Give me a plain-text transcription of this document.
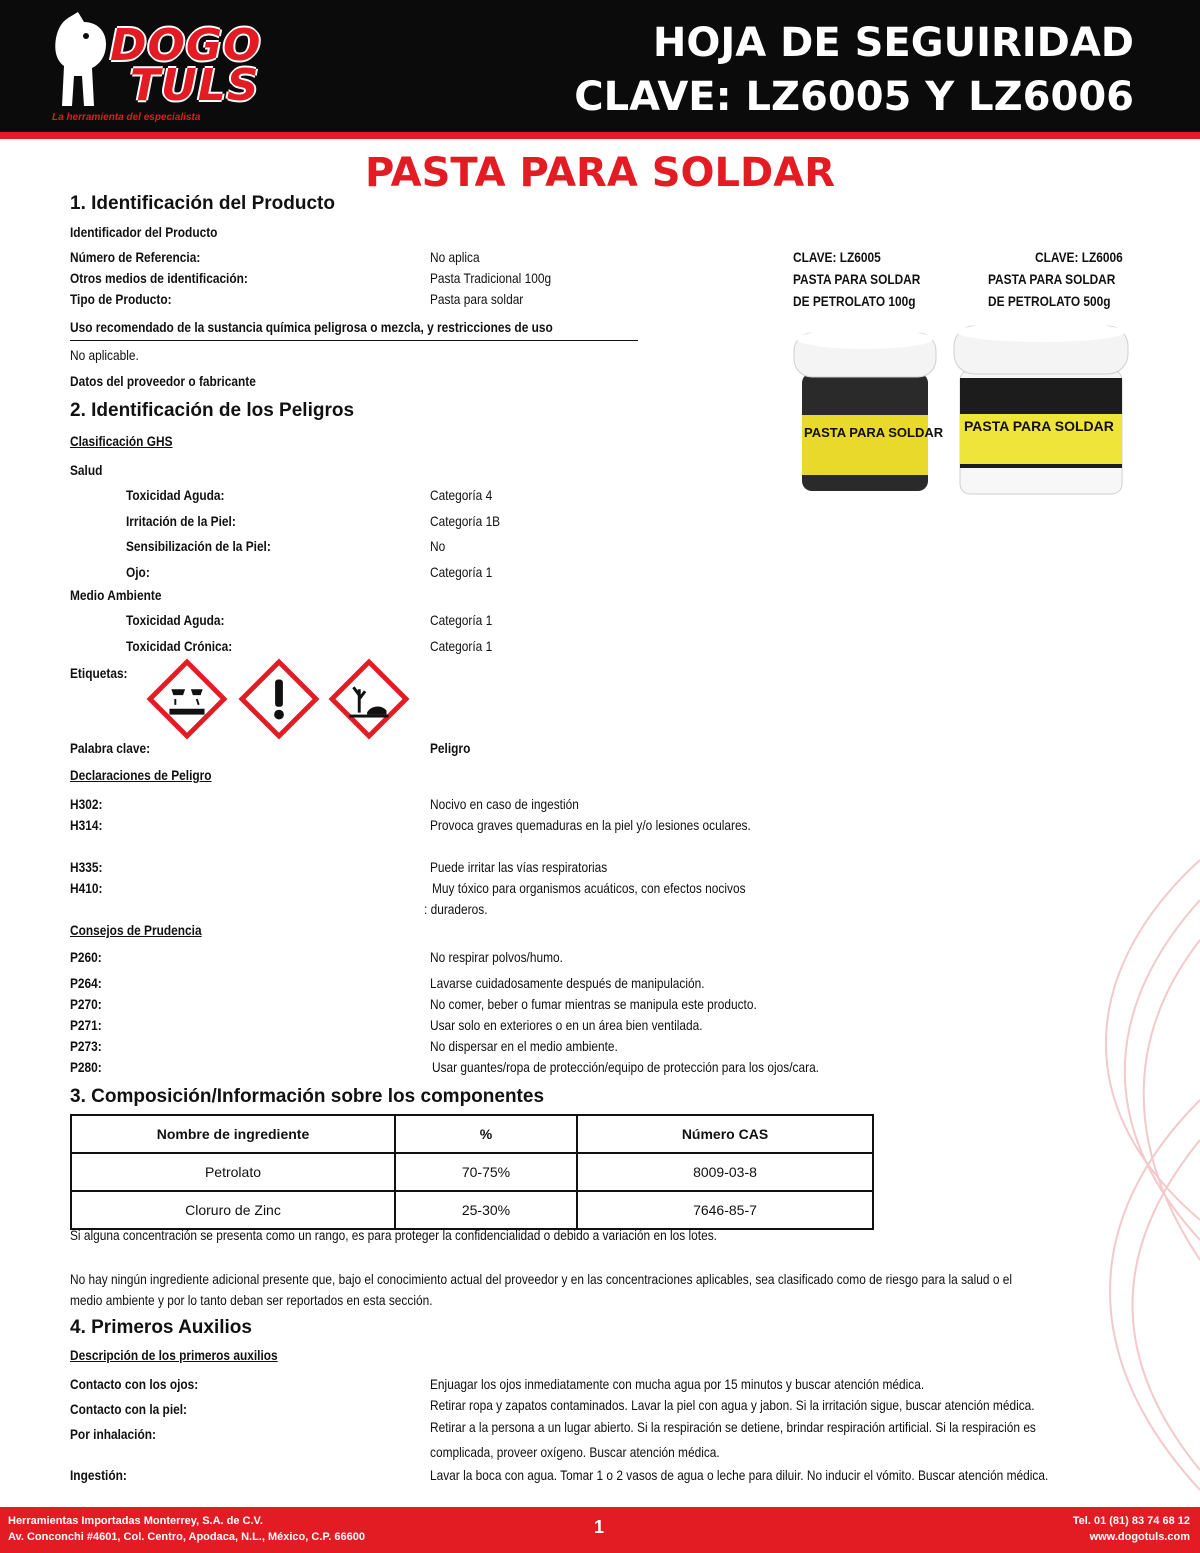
DOGO
TULS
La herramienta del especialista
HOJA DE SEGUIRIDAD
CLAVE: LZ6005 Y LZ6006
PASTA PARA SOLDAR
CLAVE: LZ6005
PASTA PARA SOLDAR
DE PETROLATO 100g
CLAVE: LZ6006
PASTA PARA SOLDAR
DE PETROLATO 500g
PASTA PARA SOLDAR PASTA PARA SOLDAR
1. Identificación del Producto
Identificador del Producto
Número de Referencia:	No aplica
Otros medios de identificación:	Pasta Tradicional 100g
Tipo de Producto:	Pasta para soldar
Uso recomendado de la sustancia química peligrosa o mezcla, y restricciones de uso
No aplicable.
Datos del proveedor o fabricante
2. Identificación de los Peligros
Clasificación GHS
Salud
Toxicidad Aguda:	Categoría 4
Irritación de la Piel:	Categoría 1B
Sensibilización de la Piel:	No
Ojo:	Categoría 1
Medio Ambiente
Toxicidad Aguda:	Categoría 1
Toxicidad Crónica:	Categoría 1
Etiquetas:
Palabra clave:	Peligro
Declaraciones de Peligro
H302:	Nocivo en caso de ingestión
H314:	Provoca graves quemaduras en la piel y/o lesiones oculares.
H335:	Puede irritar las vías respiratorias
H410:	Muy tóxico para organismos acuáticos, con efectos nocivos
: duraderos.
Consejos de Prudencia
P260:	No respirar polvos/humo.
P264:	Lavarse cuidadosamente después de manipulación.
P270:	No comer, beber o fumar mientras se manipula este producto.
P271:	Usar solo en exteriores o en un área bien ventilada.
P273:	No dispersar en el medio ambiente.
P280:	Usar guantes/ropa de protección/equipo de protección para los ojos/cara.
3. Composición/Información sobre los componentes
Nombre de ingrediente	%	Número CAS
Petrolato	70-75%	8009-03-8
Cloruro de Zinc	25-30%	7646-85-7
Si alguna concentración se presenta como un rango, es para proteger la confidencialidad o debido a variación en los lotes.
No hay ningún ingrediente adicional presente que, bajo el conocimiento actual del proveedor y en las concentraciones aplicables, sea clasificado como de riesgo para la salud o el
medio ambiente y por lo tanto deban ser reportados en esta sección.
4. Primeros Auxilios
Descripción de los primeros auxilios
Contacto con los ojos:	Enjuagar los ojos inmediatamente con mucha agua por 15 minutos y buscar atención médica.
Contacto con la piel:	Retirar ropa y zapatos contaminados. Lavar la piel con agua y jabon. Si la irritación sigue, buscar atención médica.
Por inhalación:	Retirar a la persona a un lugar abierto. Si la respiración se detiene, brindar respiración artificial. Si la respiración es
complicada, proveer oxígeno. Buscar atención médica.
Ingestión:	Lavar la boca con agua. Tomar 1 o 2 vasos de agua o leche para diluir. No inducir el vómito. Buscar atención médica.
Herramientas Importadas Monterrey, S.A. de C.V.
Av. Conconchi #4601, Col. Centro, Apodaca, N.L., México, C.P. 66600	1	Tel. 01 (81) 83 74 68 12
www.dogotuls.com
